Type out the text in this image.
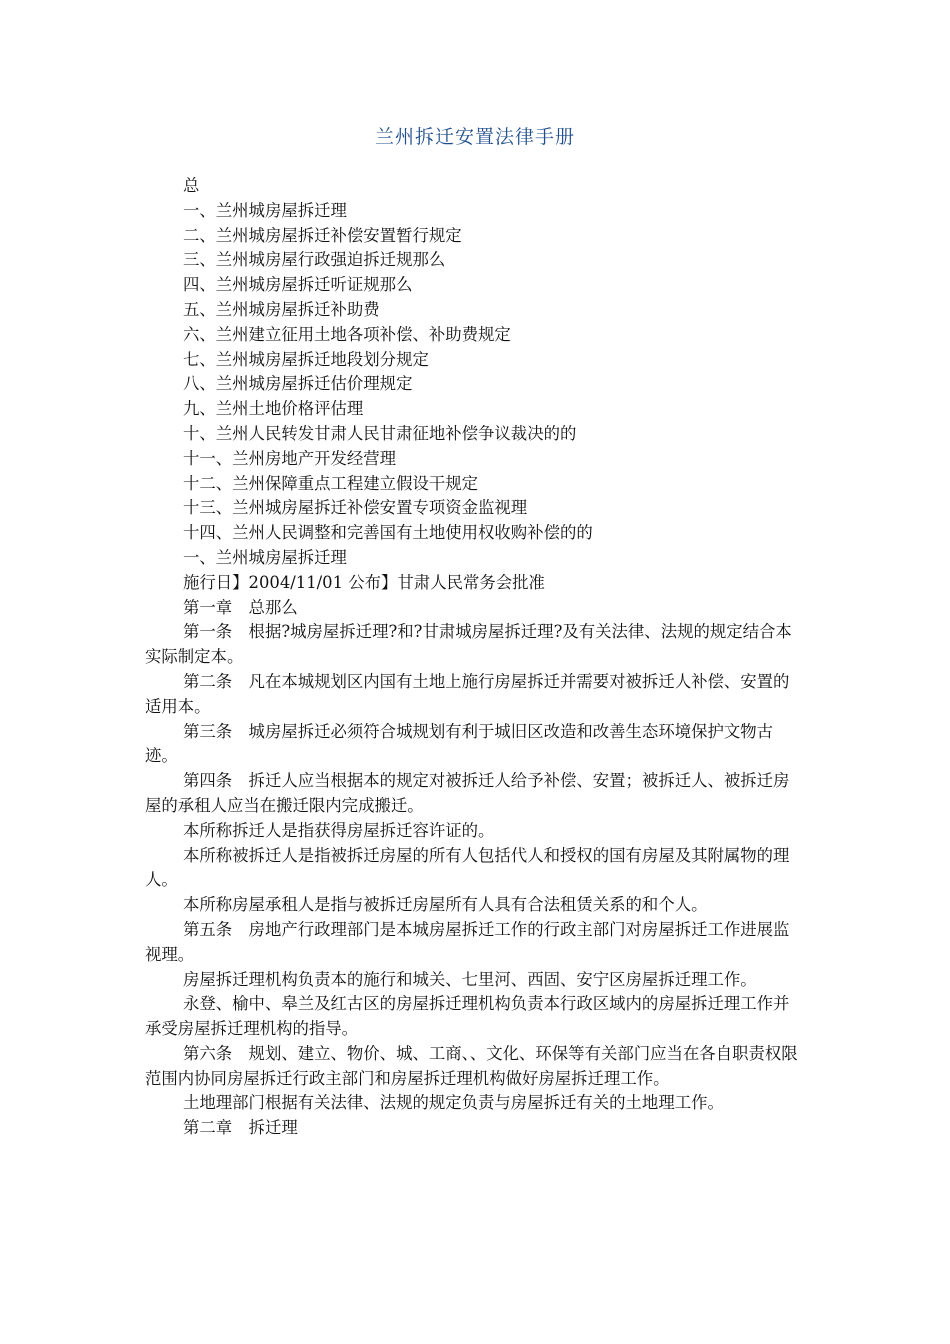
兰州拆迁安置法律手册
总
一、兰州城房屋拆迁理
二、兰州城房屋拆迁补偿安置暂行规定
三、兰州城房屋行政强迫拆迁规那么
四、兰州城房屋拆迁听证规那么
五、兰州城房屋拆迁补助费
六、兰州建立征用土地各项补偿、补助费规定
七、兰州城房屋拆迁地段划分规定
八、兰州城房屋拆迁估价理规定
九、兰州土地价格评估理
十、兰州人民转发甘肃人民甘肃征地补偿争议裁决的的
十一、兰州房地产开发经营理
十二、兰州保障重点工程建立假设干规定
十三、兰州城房屋拆迁补偿安置专项资金监视理
十四、兰州人民调整和完善国有土地使用权收购补偿的的
一、兰州城房屋拆迁理
施行日】2004/11/01 公布】甘肃人民常务会批准
第一章　总那么

第一条　根据?城房屋拆迁理?和?甘肃城房屋拆迁理?及有关法律、法规的规定结合本实际制定本。

第二条　凡在本城规划区内国有土地上施行房屋拆迁并需要对被拆迁人补偿、安置的适用本。

第三条　城房屋拆迁必须符合城规划有利于城旧区改造和改善生态环境保护文物古迹。

第四条　拆迁人应当根据本的规定对被拆迁人给予补偿、安置；被拆迁人、被拆迁房屋的承租人应当在搬迁限内完成搬迁。

本所称拆迁人是指获得房屋拆迁容许证的。

本所称被拆迁人是指被拆迁房屋的所有人包括代人和授权的国有房屋及其附属物的理人。

本所称房屋承租人是指与被拆迁房屋所有人具有合法租赁关系的和个人。

第五条　房地产行政理部门是本城房屋拆迁工作的行政主部门对房屋拆迁工作进展监视理。

房屋拆迁理机构负责本的施行和城关、七里河、西固、安宁区房屋拆迁理工作。

永登、榆中、皋兰及红古区的房屋拆迁理机构负责本行政区域内的房屋拆迁理工作并承受房屋拆迁理机构的指导。

第六条　规划、建立、物价、城、工商、、文化、环保等有关部门应当在各自职责权限范围内协同房屋拆迁行政主部门和房屋拆迁理机构做好房屋拆迁理工作。

土地理部门根据有关法律、法规的规定负责与房屋拆迁有关的土地理工作。

第二章　拆迁理
